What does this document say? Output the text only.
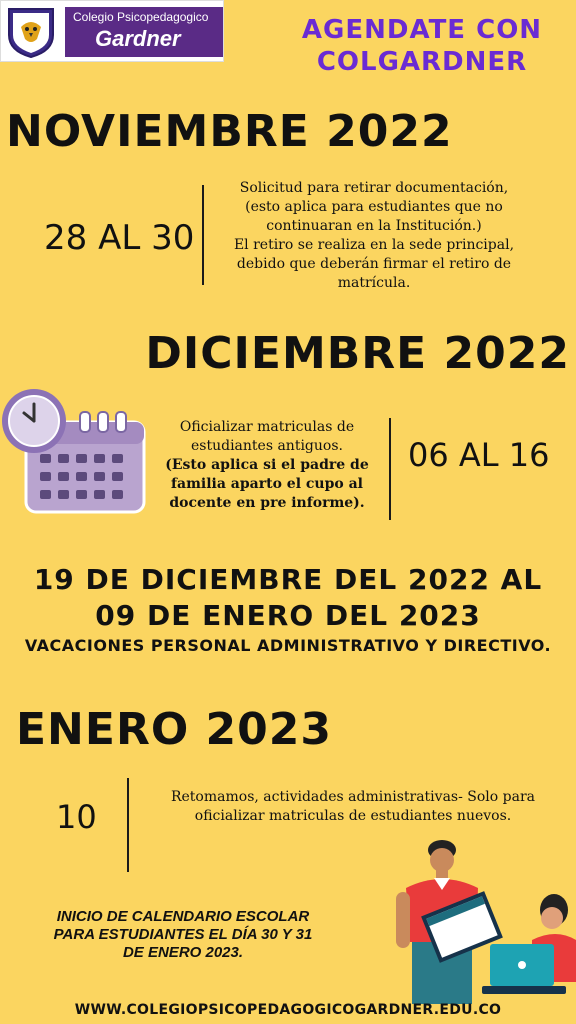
Colegio Psicopedagogico
Gardner	AGENDATE CON COLGARDNER
NOVIEMBRE 2022
28 AL 30
Solicitud para retirar documentación,
(esto aplica para estudiantes que no
continuaran en la Institución.)
El retiro se realiza en la sede principal,
debido que deberán firmar el retiro de
matrícula.
DICIEMBRE 2022
Oficializar matriculas de
estudiantes antiguos.
(Esto aplica si el padre de
familia aparto el cupo al
docente en pre informe).
06 AL 16
19 DE DICIEMBRE DEL 2022 AL
09 DE ENERO DEL 2023
VACACIONES PERSONAL ADMINISTRATIVO Y DIRECTIVO.
ENERO 2023
10
Retomamos, actividades administrativas- Solo para
oficializar matriculas de estudiantes nuevos.
INICIO DE CALENDARIO ESCOLAR
PARA ESTUDIANTES EL DÍA 30 Y 31
DE ENERO 2023.
WWW.COLEGIOPSICOPEDAGOGICOGARDNER.EDU.CO
